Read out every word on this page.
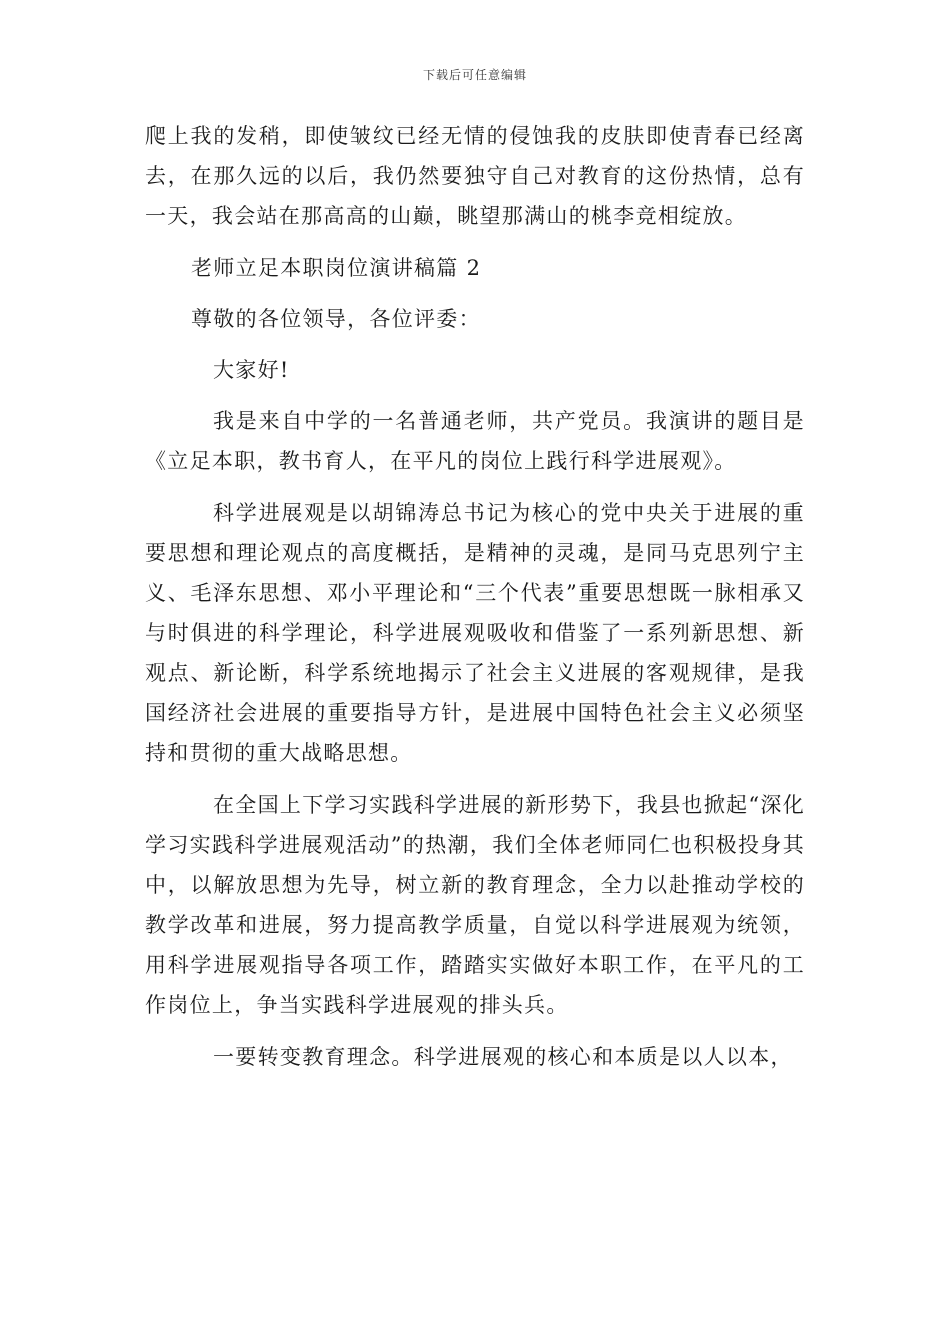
下载后可任意编辑

爬上我的发稍，即使皱纹已经无情的侵蚀我的皮肤即使青春已经离去，在那久远的以后，我仍然要独守自己对教育的这份热情，总有一天，我会站在那高高的山巅，眺望那满山的桃李竞相绽放。

老师立足本职岗位演讲稿篇 2

尊敬的各位领导，各位评委：

大家好!

我是来自中学的一名普通老师，共产党员。我演讲的题目是《立足本职，教书育人，在平凡的岗位上践行科学进展观》。

科学进展观是以胡锦涛总书记为核心的党中央关于进展的重要思想和理论观点的高度概括，是精神的灵魂，是同马克思列宁主义、毛泽东思想、邓小平理论和“三个代表”重要思想既一脉相承又与时俱进的科学理论，科学进展观吸收和借鉴了一系列新思想、新观点、新论断，科学系统地揭示了社会主义进展的客观规律，是我国经济社会进展的重要指导方针，是进展中国特色社会主义必须坚持和贯彻的重大战略思想。

在全国上下学习实践科学进展的新形势下，我县也掀起“深化学习实践科学进展观活动”的热潮，我们全体老师同仁也积极投身其中，以解放思想为先导，树立新的教育理念，全力以赴推动学校的教学改革和进展，努力提高教学质量，自觉以科学进展观为统领，用科学进展观指导各项工作，踏踏实实做好本职工作，在平凡的工作岗位上，争当实践科学进展观的排头兵。

一要转变教育理念。科学进展观的核心和本质是以人以本，
